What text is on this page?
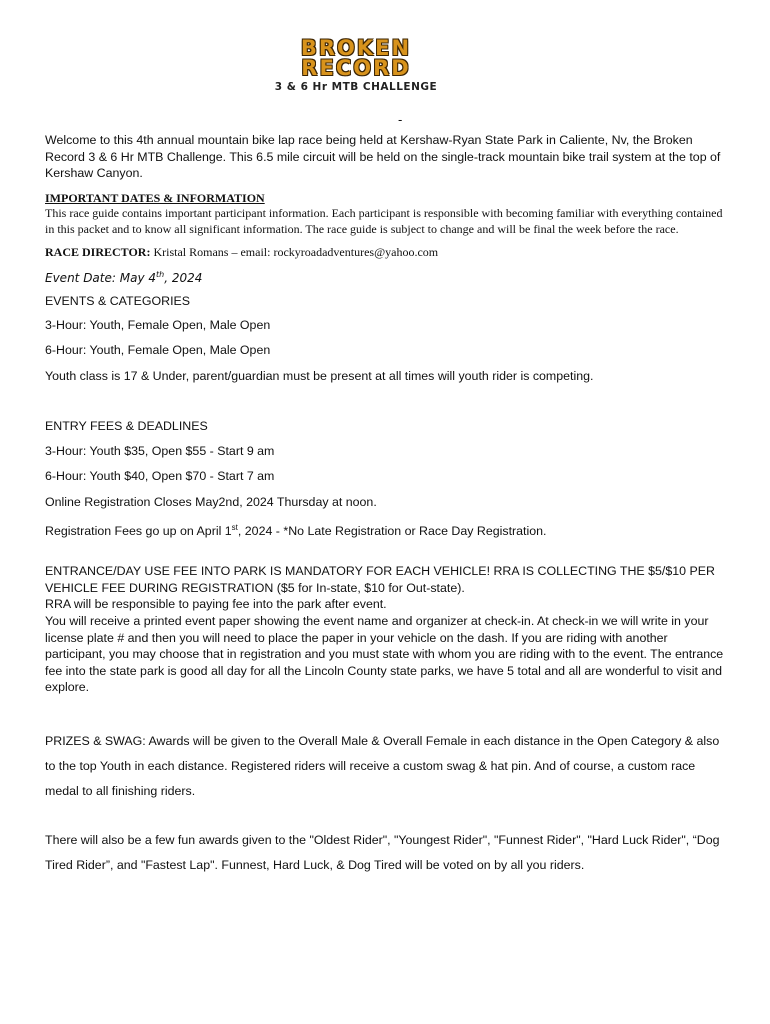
BROKEN
RECORD
3 & 6 Hr MTB CHALLENGE
-

Welcome to this 4th annual mountain bike lap race being held at Kershaw-Ryan State Park in Caliente, Nv, the Broken Record 3 & 6 Hr MTB Challenge. This 6.5 mile circuit will be held on the single-track mountain bike trail system at the top of Kershaw Canyon.

IMPORTANT DATES & INFORMATION
This race guide contains important participant information. Each participant is responsible with becoming familiar with everything contained in this packet and to know all significant information. The race guide is subject to change and will be final the week before the race.
RACE DIRECTOR: Kristal Romans – email: rockyroadadventures@yahoo.com
Event Date: May 4th, 2024

EVENTS & CATEGORIES

3-Hour: Youth, Female Open, Male Open

6-Hour: Youth, Female Open, Male Open

Youth class is 17 & Under, parent/guardian must be present at all times will youth rider is competing.

ENTRY FEES & DEADLINES

3-Hour: Youth $35, Open $55 - Start 9 am

6-Hour: Youth $40, Open $70 - Start 7 am

Online Registration Closes May2nd, 2024 Thursday at noon.

Registration Fees go up on April 1st, 2024 - *No Late Registration or Race Day Registration.

ENTRANCE/DAY USE FEE INTO PARK IS MANDATORY FOR EACH VEHICLE! RRA IS COLLECTING THE $5/$10 PER VEHICLE FEE DURING REGISTRATION ($5 for In-state, $10 for Out-state).

RRA will be responsible to paying fee into the park after event.

You will receive a printed event paper showing the event name and organizer at check-in. At check-in we will write in your license plate # and then you will need to place the paper in your vehicle on the dash. If you are riding with another participant, you may choose that in registration and you must state with whom you are riding with to the event. The entrance fee into the state park is good all day for all the Lincoln County state parks, we have 5 total and all are wonderful to visit and explore.

PRIZES & SWAG: Awards will be given to the Overall Male & Overall Female in each distance in the Open Category & also to the top Youth in each distance. Registered riders will receive a custom swag & hat pin. And of course, a custom race medal to all finishing riders.

There will also be a few fun awards given to the "Oldest Rider", "Youngest Rider", "Funnest Rider", "Hard Luck Rider", “Dog Tired Rider”, and "Fastest Lap". Funnest, Hard Luck, & Dog Tired will be voted on by all you riders.
